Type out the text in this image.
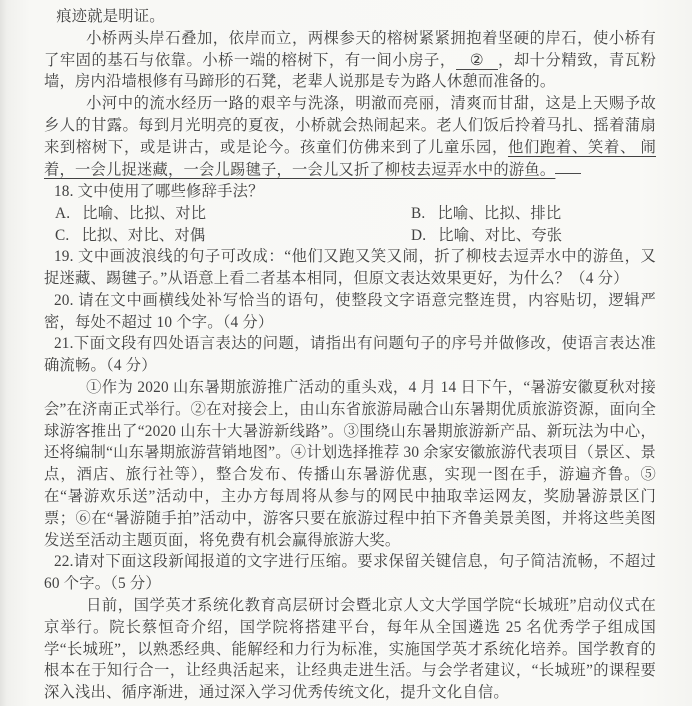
痕迹就是明证。

小桥两头岸石叠加，依岸而立，两棵参天的榕树紧紧拥抱着坚硬的岸石，使小桥有了牢固的基石与依靠。小桥一端的榕树下，有一间小房子， ② ，却十分精致，青瓦粉墙，房内沿墙根修有马蹄形的石凳，老辈人说那是专为路人休憩而准备的。

小河中的流水经历一路的艰辛与洗涤，明澈而亮丽，清爽而甘甜，这是上天赐予故乡人的甘露。每到月光明亮的夏夜，小桥就会热闹起来。老人们饭后拎着马扎、摇着蒲扇来到榕树下，或是讲古，或是论今。孩童们仿佛来到了儿童乐园，他们跑着、笑着、 闹着，一会儿捉迷藏，一会儿踢毽子，一会儿又折了柳枝去逗弄水中的游鱼。

18. 文中使用了哪些修辞手法？

A. 比喻、比拟、对比	B. 比喻、比拟、排比

C. 比拟、对比、对偶	D. 比喻、对比、夸张

19. 文中画波浪线的句子可改成：“他们又跑又笑又闹，折了柳枝去逗弄水中的游鱼，又捉迷藏、踢毽子。”从语意上看二者基本相同，但原文表达效果更好，为什么？（4 分）

20. 请在文中画横线处补写恰当的语句，使整段文字语意完整连贯，内容贴切，逻辑严密，每处不超过 10 个字。（4 分）

21.下面文段有四处语言表达的问题，请指出有问题句子的序号并做修改，使语言表达准确流畅。（4 分）

①作为 2020 山东暑期旅游推广活动的重头戏，4 月 14 日下午，“暑游安徽夏秋对接会”在济南正式举行。②在对接会上，由山东省旅游局融合山东暑期优质旅游资源，面向全球游客推出了“2020 山东十大暑游新线路”。③围绕山东暑期旅游新产品、新玩法为中心，还将编制“山东暑期旅游营销地图”。④计划选择推荐 30 余家安徽旅游代表项目（景区、景点，酒店、旅行社等），整合发布、传播山东暑游优惠，实现一图在手，游遍齐鲁。⑤在“暑游欢乐送”活动中，主办方每周将从参与的网民中抽取幸运网友，奖励暑游景区门票；⑥在“暑游随手拍”活动中，游客只要在旅游过程中拍下齐鲁美景美图，并将这些美图发送至活动主题页面，将免费有机会赢得旅游大奖。

22.请对下面这段新闻报道的文字进行压缩。要求保留关键信息，句子简洁流畅，不超过 60 个字。（5 分）

日前，国学英才系统化教育高层研讨会暨北京人文大学国学院“长城班”启动仪式在京举行。院长蔡恒奇介绍，国学院将搭建平台，每年从全国遴选 25 名优秀学子组成国学“长城班”，以熟悉经典、能解经和力行为标准，实施国学英才系统化培养。国学教育的根本在于知行合一，让经典活起来，让经典走进生活。与会学者建议，“长城班”的课程要深入浅出、循序渐进，通过深入学习优秀传统文化，提升文化自信。
